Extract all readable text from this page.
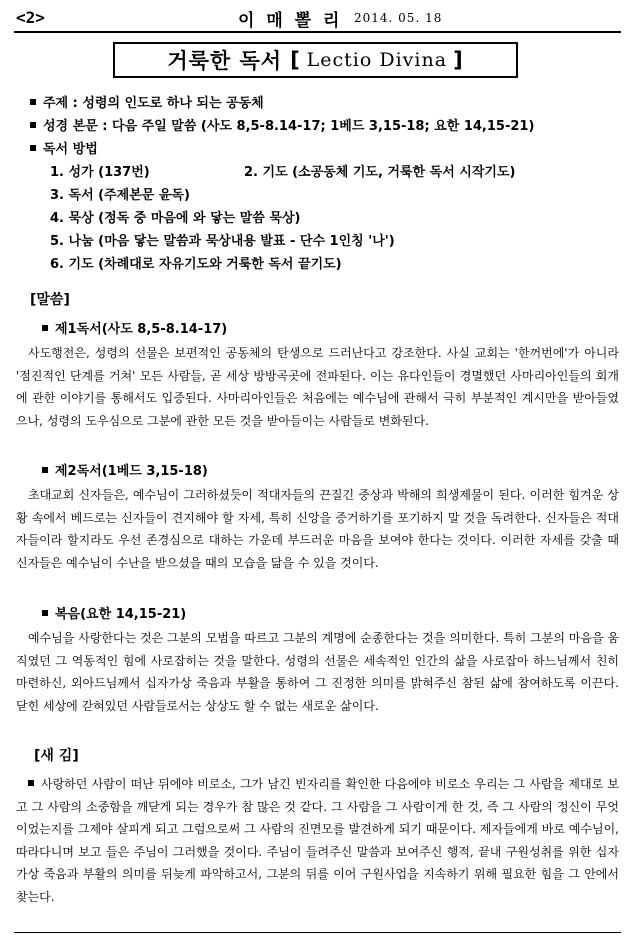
<2>	이 매 뽈 리 2014. 05. 18
거룩한 독서 [ Lectio Divina ]
주제 : 성령의 인도로 하나 되는 공동체
성경 본문 : 다음 주일 말씀 (사도 8,5-8.14-17; 1베드 3,15-18; 요한 14,15-21)
독서 방법
1. 성가 (137번)	2. 기도 (소공동체 기도, 거룩한 독서 시작기도)
3. 독서 (주제본문 윤독)
4. 묵상 (정독 중 마음에 와 닿는 말씀 묵상)
5. 나눔 (마음 닿는 말씀과 묵상내용 발표 - 단수 1인칭 '나')
6. 기도 (차례대로 자유기도와 거룩한 독서 끝기도)
[말씀]
제1독서(사도 8,5-8.14-17)

사도행전은, 성령의 선물은 보편적인 공동체의 탄생으로 드러난다고 강조한다. 사실 교회는 '한꺼번에'가 아니라 '점진적인 단계를 거쳐' 모든 사람들, 곧 세상 방방곡곳에 전파된다. 이는 유다인들이 경멸했던 사마리아인들의 회개에 관한 이야기를 통해서도 입증된다. 사마리아인들은 처음에는 예수님에 관해서 극히 부분적인 계시만을 받아들였으나, 성령의 도우심으로 그분에 관한 모든 것을 받아들이는 사람들로 변화된다.

제2독서(1베드 3,15-18)

초대교회 신자들은, 예수님이 그러하셨듯이 적대자들의 끈질긴 중상과 박해의 희생제물이 된다. 이러한 힘겨운 상황 속에서 베드로는 신자들이 견지해야 할 자세, 특히 신앙을 증거하기를 포기하지 말 것을 독려한다. 신자들은 적대자들이라 할지라도 우선 존경심으로 대하는 가운데 부드러운 마음을 보여야 한다는 것이다. 이러한 자세를 갖출 때 신자들은 예수님이 수난을 받으셨을 때의 모습을 닮을 수 있을 것이다.

복음(요한 14,15-21)

예수님을 사랑한다는 것은 그분의 모범을 따르고 그분의 계명에 순종한다는 것을 의미한다. 특히 그분의 마음을 움직였던 그 역동적인 힘에 사로잡히는 것을 말한다. 성령의 선물은 세속적인 인간의 삶을 사로잡아 하느님께서 친히 마련하신, 외아드님께서 십자가상 죽음과 부활을 통하여 그 진정한 의미를 밝혀주신 참된 삶에 참여하도록 이끈다. 닫힌 세상에 갇혀있던 사람들로서는 상상도 할 수 없는 새로운 삶이다.

[새 김]

사랑하던 사람이 떠난 뒤에야 비로소, 그가 남긴 빈자리를 확인한 다음에야 비로소 우리는 그 사람을 제대로 보고 그 사람의 소중함을 깨닫게 되는 경우가 참 많은 것 같다. 그 사람을 그 사람이게 한 것, 즉 그 사람의 정신이 무엇이었는지를 그제야 살피게 되고 그럼으로써 그 사람의 진면모를 발견하게 되기 때문이다. 제자들에게 바로 예수님이, 따라다니며 보고 들은 주님이 그러했을 것이다. 주님이 들려주신 말씀과 보여주신 행적, 끝내 구원성취를 위한 십자가상 죽음과 부활의 의미를 뒤늦게 파악하고서, 그분의 뒤를 이어 구원사업을 지속하기 위해 필요한 힘을 그 안에서 찾는다.
